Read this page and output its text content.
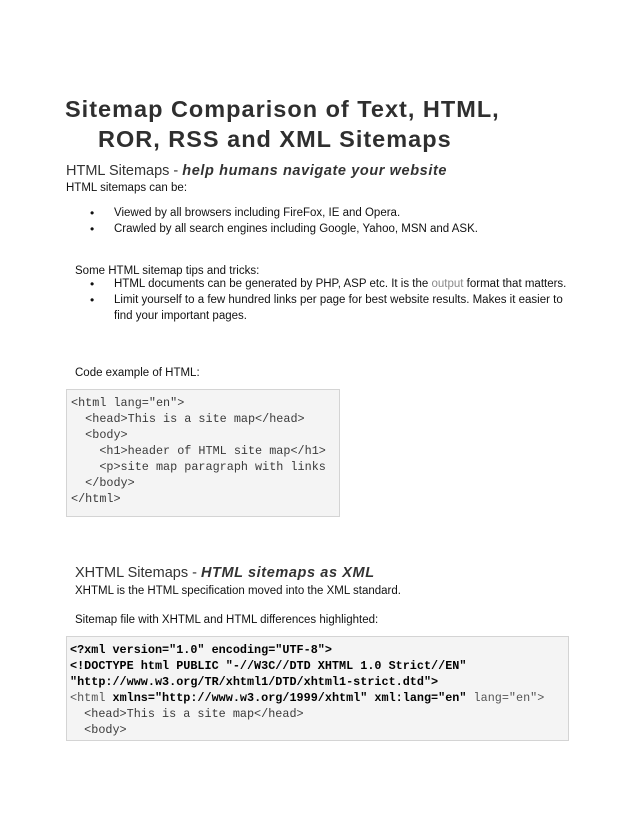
Sitemap Comparison of Text, HTML,
ROR, RSS and XML Sitemaps
HTML Sitemaps - help humans navigate your website
HTML sitemaps can be:
• Viewed by all browsers including FireFox, IE and Opera.
• Crawled by all search engines including Google, Yahoo, MSN and ASK.
Some HTML sitemap tips and tricks:
• HTML documents can be generated by PHP, ASP etc. It is the output format that matters.
• Limit yourself to a few hundred links per page for best website results. Makes it easier to find your important pages.
Code example of HTML:
<html lang="en">
<head>This is a site map</head>
<body>
<h1>header of HTML site map</h1>
<p>site map paragraph with links
</body>
</html>
XHTML Sitemaps - HTML sitemaps as XML
XHTML is the HTML specification moved into the XML standard.
Sitemap file with XHTML and HTML differences highlighted:
<?xml version="1.0" encoding="UTF-8">
<!DOCTYPE html PUBLIC "-//W3C//DTD XHTML 1.0 Strict//EN"
"http://www.w3.org/TR/xhtml1/DTD/xhtml1-strict.dtd">
<html xmlns="http://www.w3.org/1999/xhtml" xml:lang="en" lang="en">
<head>This is a site map</head>
<body>
